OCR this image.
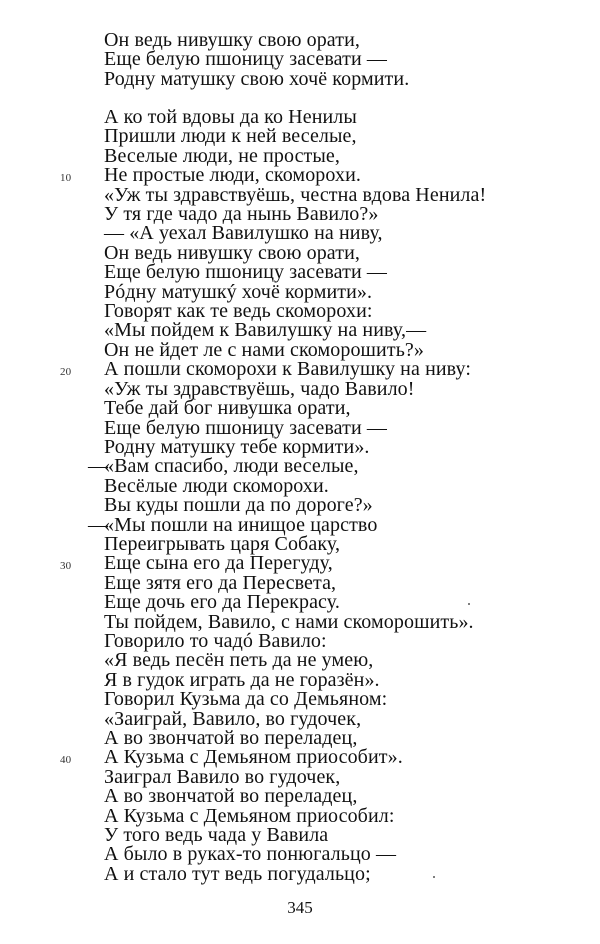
Он ведь нивушку свою орати,
Еще белую пшоницу засевати —
Родну матушку свою хочё кормити.
А ко той вдовы да ко Ненилы
Пришли люди к ней веселые,
Веселые люди, не простые,
10 Не простые люди, скоморохи.
«Уж ты здравствуёшь, честна вдова Ненила!
У тя где чадо да нынь Вавило?»
— «А уехал Вавилушко на ниву,
Он ведь нивушку свою орати,
Еще белую пшоницу засевати —
Рóдну матушкý хочё кормити».
Говорят как те ведь скоморохи:
«Мы пойдем к Вавилушку на ниву,—
Он не йдет ле с нами скоморошить?»
20 А пошли скоморохи к Вавилушку на ниву:
«Уж ты здравствуёшь, чадо Вавило!
Тебе дай бог нивушка орати,
Еще белую пшоницу засевати —
Родну матушку тебе кормити».
—
«Вам спасибо, люди веселые,
Весёлые люди скоморохи.
Вы куды пошли да по дороге?»
—
«Мы пошли на инищое царство
Переигрывать царя Собаку,
30 Еще сына его да Перегуду,
Еще зятя его да Пересвета,
Еще дочь его да Перекрасу.
Ты пойдем, Вавило, с нами скоморошить».
Говорило то чадó Вавило:
«Я ведь песён петь да не умею,
Я в гудок играть да не горазён».
Говорил Кузьма да со Демьяном:
«Заиграй, Вавило, во гудочек,
А во звончатой во переладец,
40 А Кузьма с Демьяном приособит».
Заиграл Вавило во гудочек,
А во звончатой во переладец,
А Кузьма с Демьяном приособил:
У того ведь чада у Вавила
А было в руках-то понюгальцо —
А и стало тут ведь погудальцо;
345
